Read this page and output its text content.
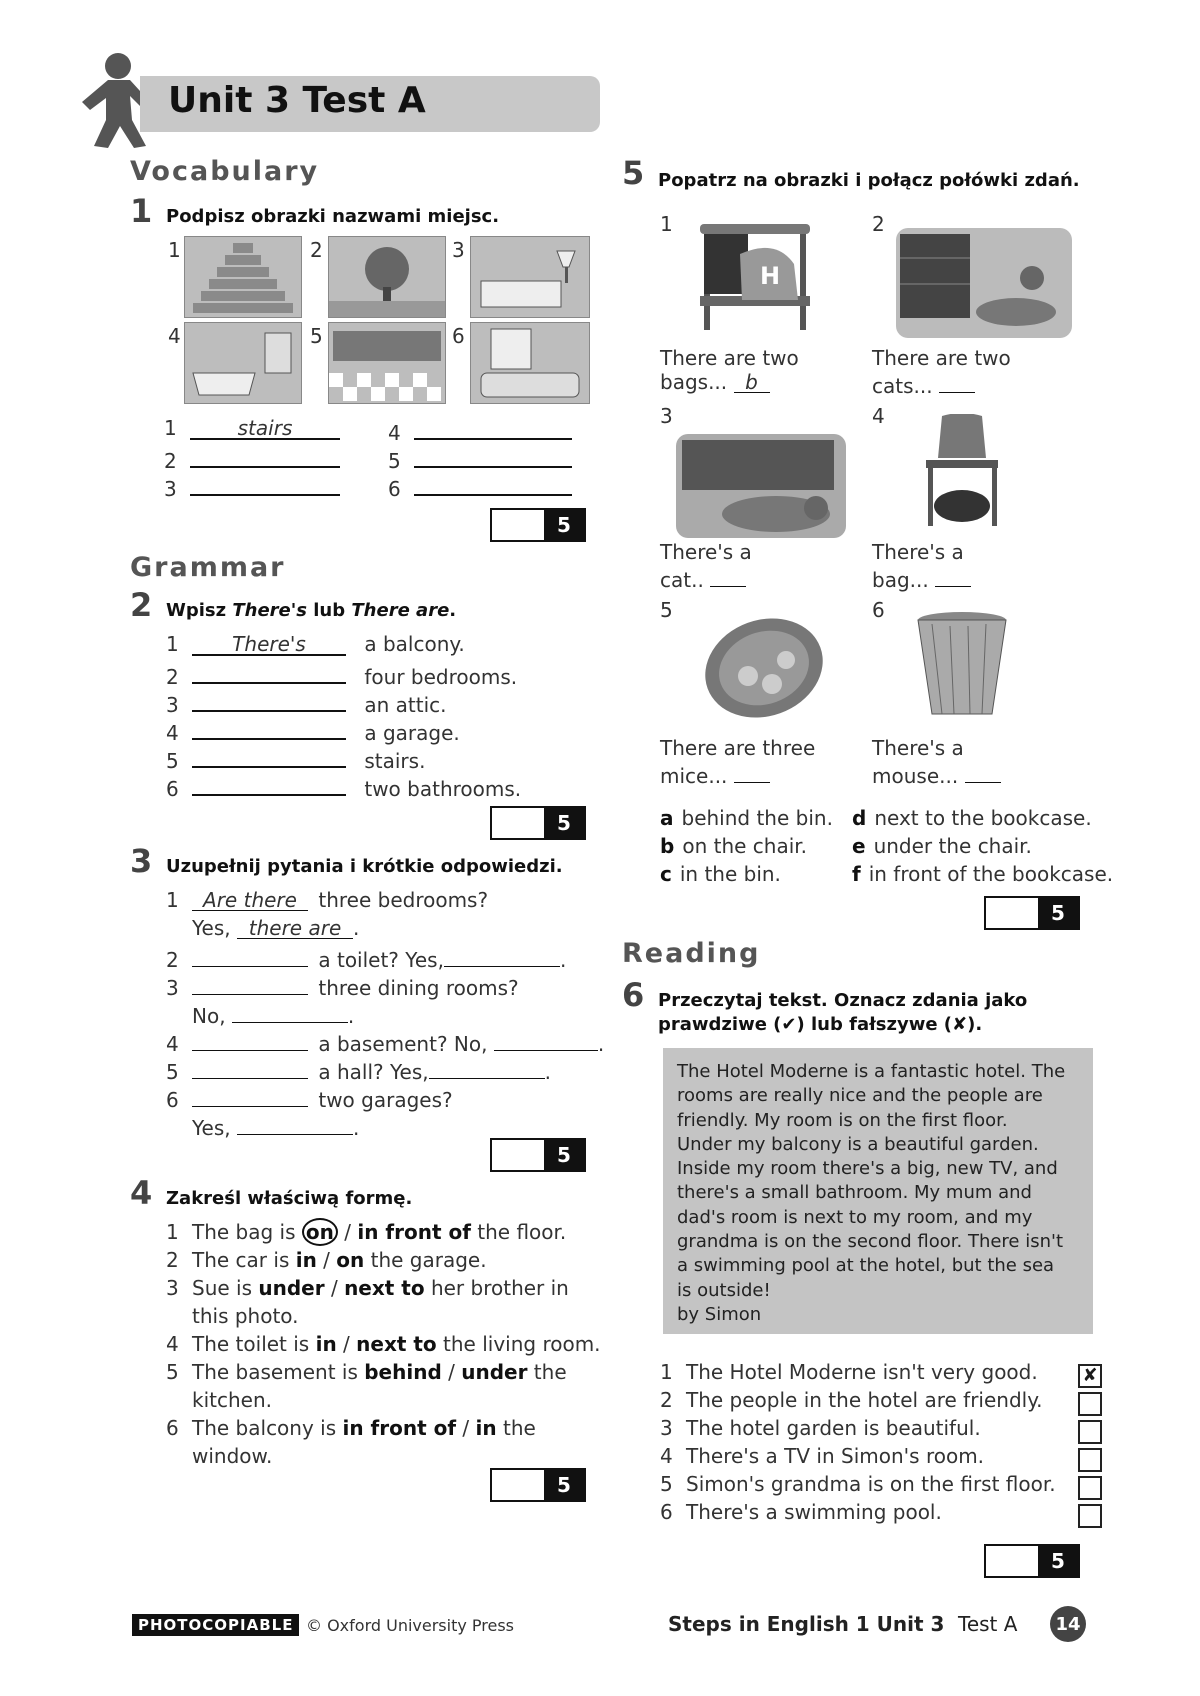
Unit 3 Test A
Vocabulary
1 Podpisz obrazki nazwami miejsc.
1	2	3
4	5	6
1	stairs
2
3
4
5
6
5
Grammar
2 Wpisz There's lub There are.
1	There's	a balcony.
2	four bedrooms.
3	an attic.
4	a garage.
5	stairs.
6	two bathrooms.
5
3 Uzupełnij pytania i krótkie odpowiedzi.
1 Are there three bedrooms?
Yes, there are .
2	a toilet? Yes,	.
3	three dining rooms?
No,	.
4	a basement? No,	.
5	a hall? Yes,	.
6	two garages?
Yes,	.
5
4 Zakreśl właściwą formę.
1 The bag is on / in front of the floor.
2 The car is in / on the garage.
3 Sue is under / next to her brother in
this photo.
4 The toilet is in / next to the living room.
5 The basement is behind / under the
kitchen.
6 The balcony is in front of / in the
window.
5
5 Popatrz na obrazki i połącz połówki zdań.
1
H
2
There are two
bags... b
There are two
cats...
3	4
There's a
cat..
There's a
bag...
5	6
There are three
mice...
There's a
mouse...
a behind the bin.
b on the chair.
c in the bin.
d next to the bookcase.
e under the chair.
f in front of the bookcase.
5
Reading
6 Przeczytaj tekst. Oznacz zdania jako
prawdziwe (✔) lub fałszywe (✘).
The Hotel Moderne is a fantastic hotel. The
rooms are really nice and the people are
friendly. My room is on the first floor.
Under my balcony is a beautiful garden.
Inside my room there's a big, new TV, and
there's a small bathroom. My mum and
dad's room is next to my room, and my
grandma is on the second floor. There isn't
a swimming pool at the hotel, but the sea
is outside!
by Simon
1 The Hotel Moderne isn't very good. ✘
2 The people in the hotel are friendly.
3 The hotel garden is beautiful.
4 There's a TV in Simon's room.
5 Simon's grandma is on the first floor.
6 There's a swimming pool.
5
PHOTOCOPIABLE © Oxford University Press	Steps in English 1 Unit 3 Test A	14
